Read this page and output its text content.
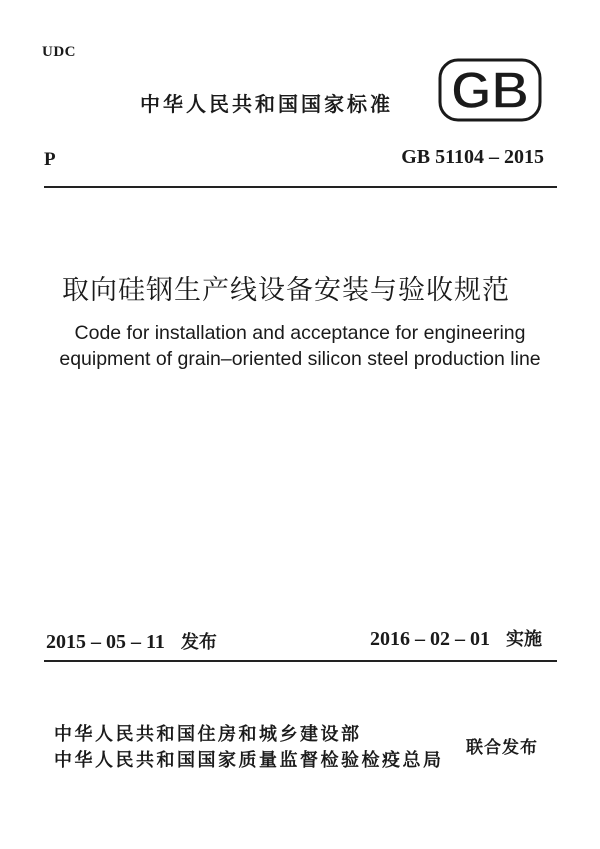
UDC
中华人民共和国国家标准 GB
P	GB 51104 – 2015
取向硅钢生产线设备安装与验收规范
Code for installation and acceptance for engineering
equipment of grain–oriented silicon steel production line
2015 – 05 – 11 发布	2016 – 02 – 01 实施
中华人民共和国住房和城乡建设部
中华人民共和国国家质量监督检验检疫总局
联合发布
